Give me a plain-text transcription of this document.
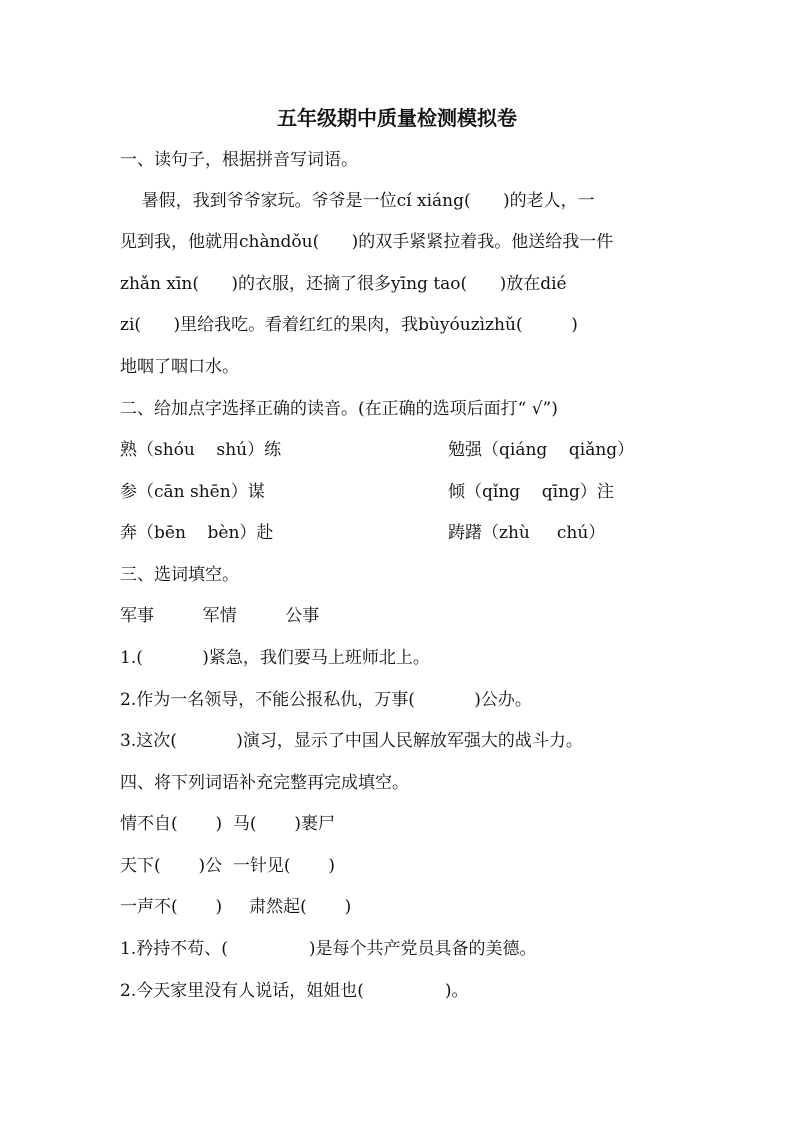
五年级期中质量检测模拟卷
一、读句子，根据拼音写词语。
暑假，我到爷爷家玩。爷爷是一位cí xiáng(      )的老人，一
见到我，他就用chàndǒu(      )的双手紧紧拉着我。他送给我一件
zhǎn xīn(      )的衣服，还摘了很多yīng tao(      )放在dié
zi(      )里给我吃。看着红红的果肉，我bùyóuzìzhǔ(         )
地咽了咽口水。
二、给加点字选择正确的读音。(在正确的选项后面打“ √”)
熟（shóu    shú）练	勉强（qiáng    qiǎng）
参（cān shēn）谋	倾（qǐng    qīng）注
奔（bēn    bèn）赴	踌躇（zhù     chú）
三、选词填空。
军事         军情         公事
1.(           )紧急，我们要马上班师北上。
2.作为一名领导，不能公报私仇，万事(           )公办。
3.这次(           )演习，显示了中国人民解放军强大的战斗力。
四、将下列词语补充完整再完成填空。
情不自(       )  马(       )裹尸
天下(       )公  一针见(       )
一声不(       )     肃然起(       )
1.矜持不苟、(               )是每个共产党员具备的美德。
2.今天家里没有人说话，姐姐也(               )。
